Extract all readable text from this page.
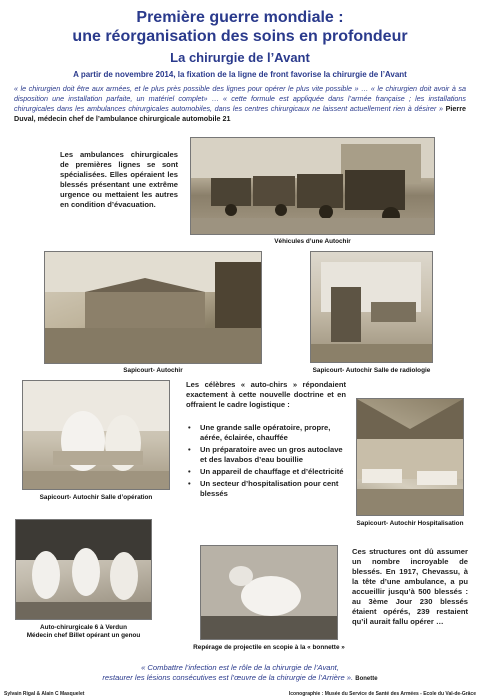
Première guerre mondiale :
une réorganisation des soins en profondeur
La chirurgie de l’Avant
A partir de novembre 2014, la fixation de la ligne de front favorise la chirurgie de l’Avant
« le chirurgien doit être aux armées, et le plus près possible des lignes pour opérer le plus vite possible » … « le chirurgien doit avoir à sa disposition une installation parfaite, un matériel complet» … « cette formule est appliquée dans l’armée française ; les installations chirurgicales dans les ambulances chirurgicales automobiles, dans les centres chirurgicaux ne laissent actuellement rien à désirer » Pierre Duval, médecin chef de l’ambulance chirurgicale automobile 21
Les ambulances chirurgicales de premières lignes se sont spécialisées. Elles opéraient les blessés présentant une extrême urgence ou mettaient les autres en condition d’évacuation.
Véhicules d’une Autochir
Sapicourt- Autochir	Sapicourt- Autochir Salle de radiologie
Sapicourt- Autochir Salle d’opération
Les célèbres « auto-chirs » répondaient exactement à cette nouvelle doctrine et en offraient le cadre logistique :
• Une grande salle opératoire, propre, aérée, éclairée, chauffée
• Un préparatoire avec un gros autoclave et des lavabos d’eau bouillie
• Un appareil de chauffage et d’électricité
• Un secteur d’hospitalisation pour cent blessés
Sapicourt- Autochir Hospitalisation
Auto-chirurgicale 6 à Verdun
Médecin chef Billet opérant un genou
Repérage de projectile en scopie à la « bonnette »
Ces structures ont dû assumer un nombre incroyable de blessés. En 1917, Chevassu, à la tête d’une ambulance, a pu accueillir jusqu’à 500 blessés : au 3ème Jour 230 blessés étaient opérés, 239 restaient qu’il aurait fallu opérer …
« Combattre l’infection est le rôle de la chirurgie de l’Avant,
restaurer les lésions consécutives est l’œuvre de la chirurgie de l’Arrière ». Bonette
Sylvain Rigal & Alain C Masquelet	Iconographie : Musée du Service de Santé des Armées - Ecole du Val-de-Grâce
